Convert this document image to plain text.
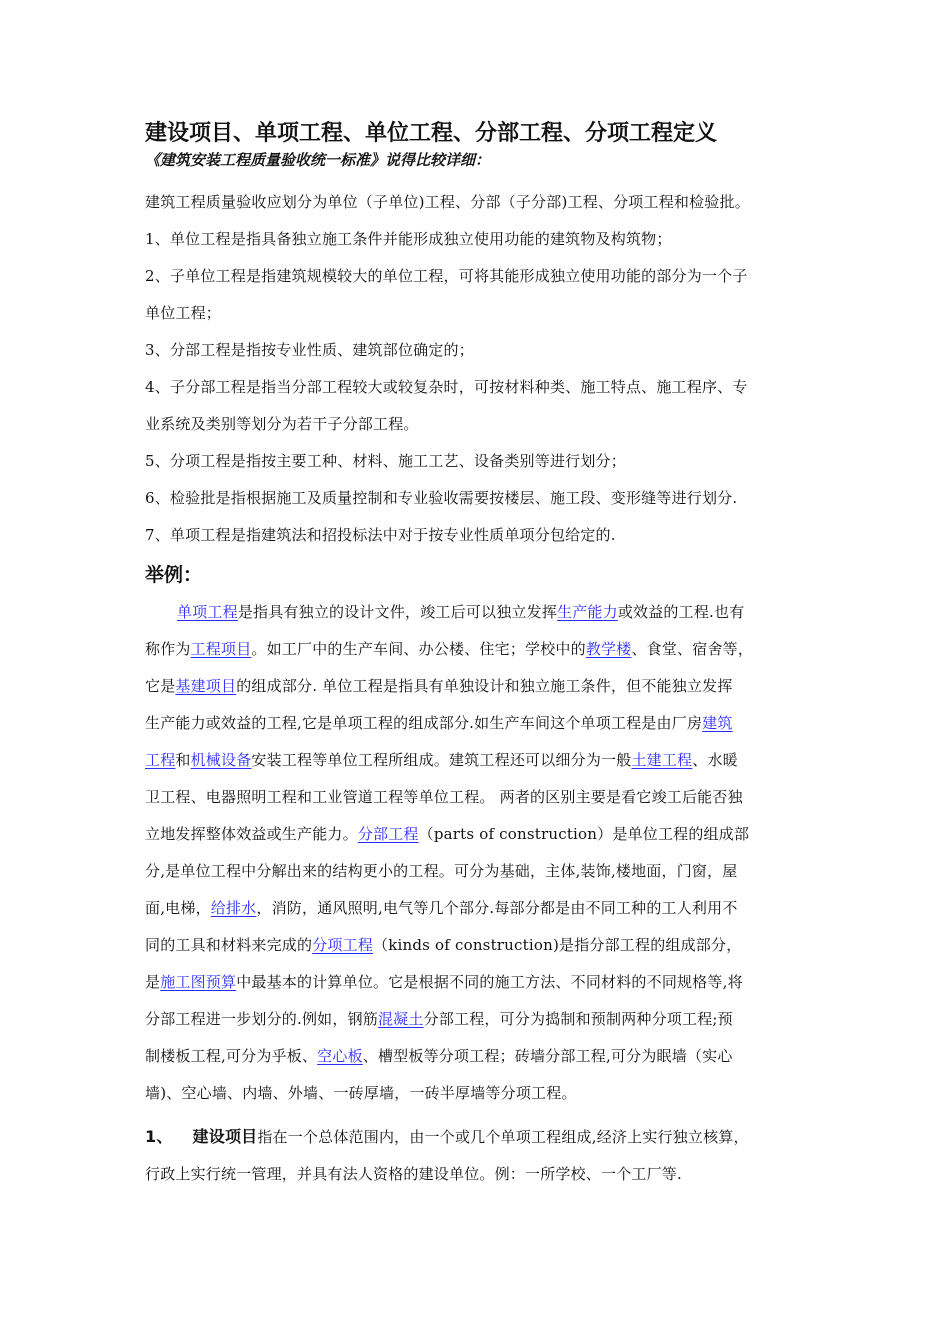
建设项目、单项工程、单位工程、分部工程、分项工程定义
《建筑安装工程质量验收统一标准》说得比较详细：
建筑工程质量验收应划分为单位（子单位)工程、分部（子分部)工程、分项工程和检验批。
1、单位工程是指具备独立施工条件并能形成独立使用功能的建筑物及构筑物；
2、子单位工程是指建筑规模较大的单位工程，可将其能形成独立使用功能的部分为一个子
单位工程；
3、分部工程是指按专业性质、建筑部位确定的；
4、子分部工程是指当分部工程较大或较复杂时，可按材料种类、施工特点、施工程序、专
业系统及类别等划分为若干子分部工程。
5、分项工程是指按主要工种、材料、施工工艺、设备类别等进行划分；
6、检验批是指根据施工及质量控制和专业验收需要按楼层、施工段、变形缝等进行划分.
7、单项工程是指建筑法和招投标法中对于按专业性质单项分包给定的.
举例：
单项工程是指具有独立的设计文件，竣工后可以独立发挥生产能力或效益的工程.也有
称作为工程项目。如工厂中的生产车间、办公楼、住宅；学校中的教学楼、食堂、宿舍等，
它是基建项目的组成部分. 单位工程是指具有单独设计和独立施工条件，但不能独立发挥
生产能力或效益的工程,它是单项工程的组成部分.如生产车间这个单项工程是由厂房建筑
工程和机械设备安装工程等单位工程所组成。建筑工程还可以细分为一般土建工程、水暖
卫工程、电器照明工程和工业管道工程等单位工程。 两者的区别主要是看它竣工后能否独
立地发挥整体效益或生产能力。分部工程（parts of construction）是单位工程的组成部
分,是单位工程中分解出来的结构更小的工程。可分为基础，主体,装饰,楼地面，门窗，屋
面,电梯，给排水，消防，通风照明,电气等几个部分.每部分都是由不同工种的工人利用不
同的工具和材料来完成的分项工程（kinds of construction)是指分部工程的组成部分，
是施工图预算中最基本的计算单位。它是根据不同的施工方法、不同材料的不同规格等,将
分部工程进一步划分的.例如，钢筋混凝土分部工程，可分为捣制和预制两种分项工程;预
制楼板工程,可分为乎板、空心板、槽型板等分项工程；砖墙分部工程,可分为眠墙（实心
墙)、空心墙、内墙、外墙、一砖厚墙，一砖半厚墙等分项工程。
1、 建设项目指在一个总体范围内，由一个或几个单项工程组成,经济上实行独立核算，
行政上实行统一管理，并具有法人资格的建设单位。例：一所学校、一个工厂等.
